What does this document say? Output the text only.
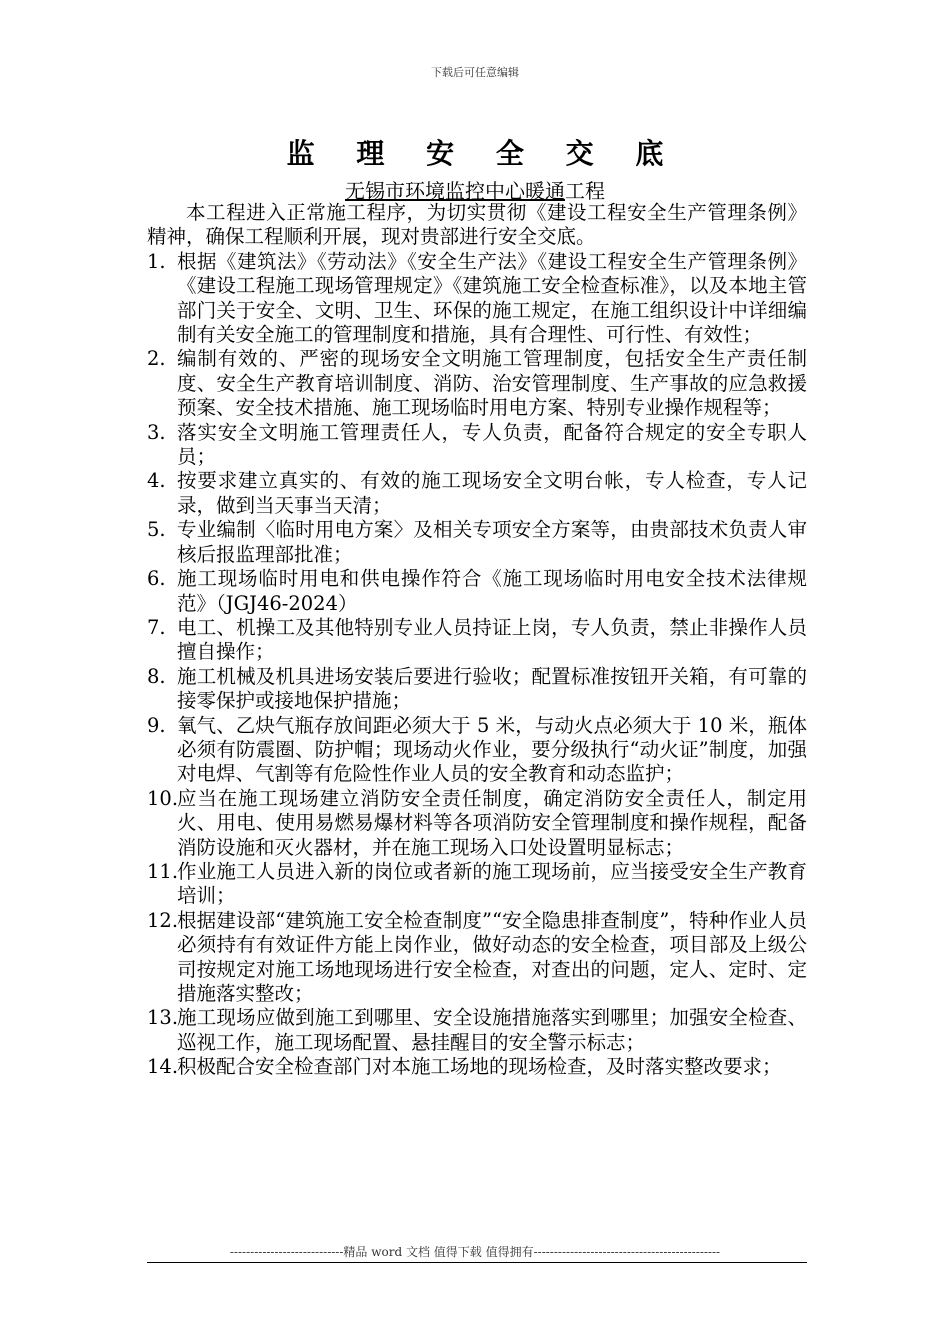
下载后可任意编辑
监 理 安 全 交 底
无锡市环境监控中心暖通工程

本工程进入正常施工程序，为切实贯彻《建设工程安全生产管理条例》精神，确保工程顺利开展，现对贵部进行安全交底。

1. 根据《建筑法》《劳动法》《安全生产法》《建设工程安全生产管理条例》《建设工程施工现场管理规定》《建筑施工安全检查标准》，以及本地主管部门关于安全、文明、卫生、环保的施工规定，在施工组织设计中详细编制有关安全施工的管理制度和措施，具有合理性、可行性、有效性；
2. 编制有效的、严密的现场安全文明施工管理制度，包括安全生产责任制度、安全生产教育培训制度、消防、治安管理制度、生产事故的应急救援预案、安全技术措施、施工现场临时用电方案、特别专业操作规程等；
3. 落实安全文明施工管理责任人，专人负责，配备符合规定的安全专职人员；
4. 按要求建立真实的、有效的施工现场安全文明台帐，专人检查，专人记录，做到当天事当天清；
5. 专业编制〈临时用电方案〉及相关专项安全方案等，由贵部技术负责人审核后报监理部批准；
6. 施工现场临时用电和供电操作符合《施工现场临时用电安全技术法律规范》（JGJ46-2024）
7. 电工、机操工及其他特别专业人员持证上岗，专人负责，禁止非操作人员擅自操作；
8. 施工机械及机具进场安装后要进行验收；配置标准按钮开关箱，有可靠的接零保护或接地保护措施；
9. 氧气、乙炔气瓶存放间距必须大于 5 米，与动火点必须大于 10 米，瓶体必须有防震圈、防护帽；现场动火作业，要分级执行“动火证”制度，加强对电焊、气割等有危险性作业人员的安全教育和动态监护；
10.
应当在施工现场建立消防安全责任制度，确定消防安全责任人，制定用火、用电、使用易燃易爆材料等各项消防安全管理制度和操作规程，配备消防设施和灭火器材，并在施工现场入口处设置明显标志；
11.
作业施工人员进入新的岗位或者新的施工现场前，应当接受安全生产教育培训；
12.
根据建设部“建筑施工安全检查制度”“安全隐患排查制度”，特种作业人员必须持有有效证件方能上岗作业，做好动态的安全检查，项目部及上级公司按规定对施工场地现场进行安全检查，对查出的问题，定人、定时、定措施落实整改；
13.
施工现场应做到施工到哪里、安全设施措施落实到哪里；加强安全检查、巡视工作，施工现场配置、悬挂醒目的安全警示标志；
14.
积极配合安全检查部门对本施工场地的现场检查，及时落实整改要求；
----------------------------精品 word 文档 值得下载 值得拥有----------------------------------------------
